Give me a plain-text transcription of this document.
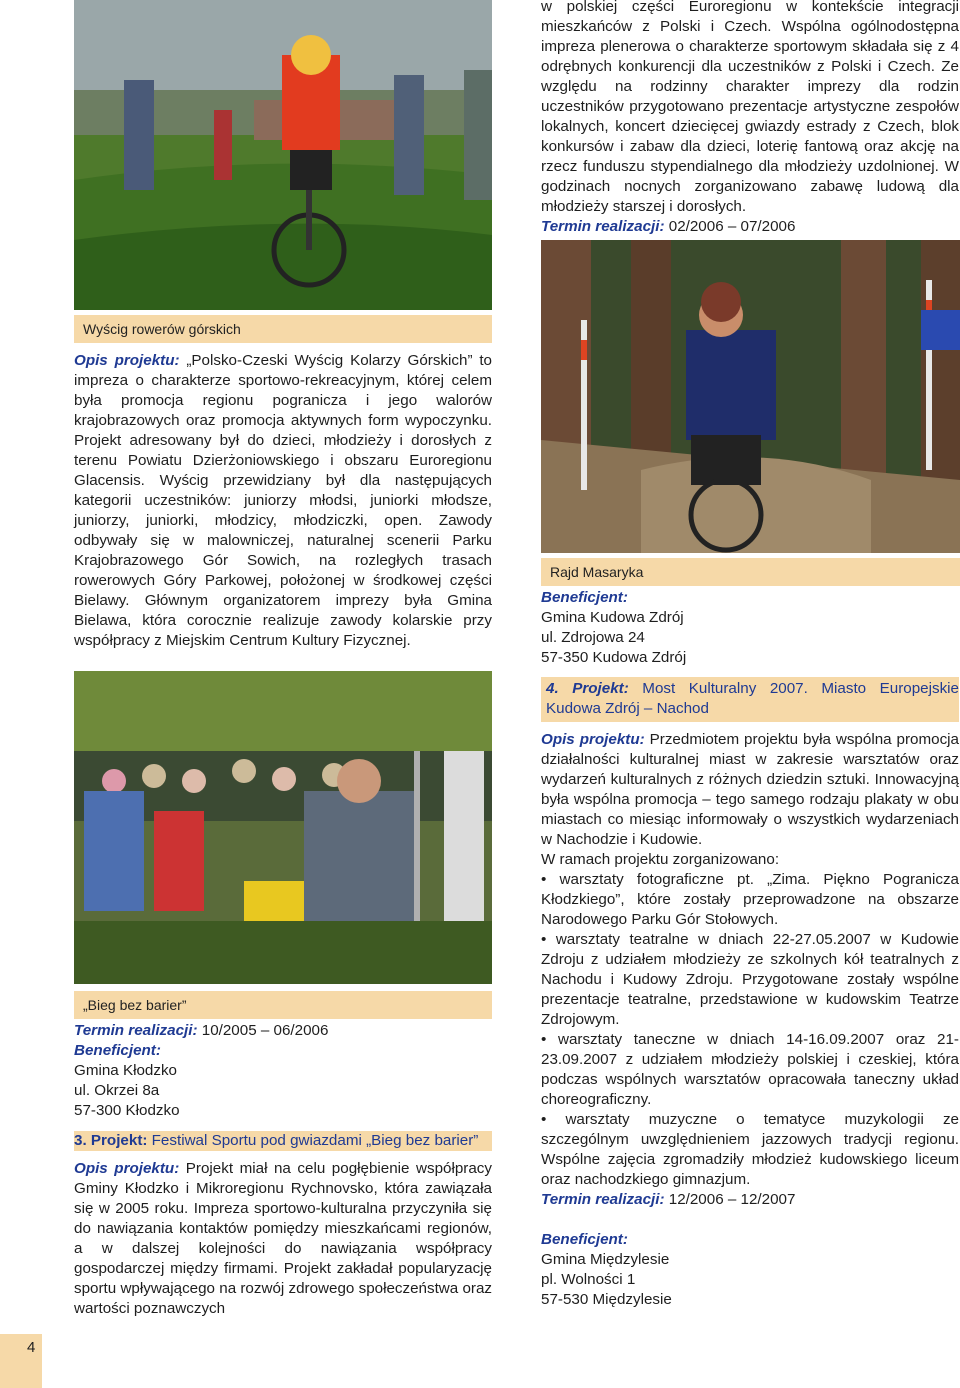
Wyścig rowerów górskich

Opis projektu: „Polsko-Czeski Wyścig Kolarzy Górskich” to impreza o charakterze sportowo-rekreacyjnym, której celem była promocja regionu pogranicza i jego walorów krajobrazowych oraz promocja aktywnych form wypoczynku. Projekt adresowany był do dzieci, młodzieży i dorosłych z terenu Powiatu Dzierżoniowskiego i obszaru Euroregionu Glacensis. Wyścig przewidziany był dla następujących kategorii uczestników: juniorzy młodsi, juniorki młodsze, juniorzy, juniorki, młodzicy, młodziczki, open. Zawody odbywały się w malowniczej, naturalnej scenerii Parku Krajobrazowego Gór Sowich, na rozległych trasach rowerowych Góry Parkowej, położonej w środkowej części Bielawy. Głównym organizatorem imprezy była Gmina Bielawa, która corocznie realizuje zawody kolarskie przy współpracy z Miejskim Centrum Kultury Fizycznej.

„Bieg bez barier”

Termin realizacji: 10/2005 – 06/2006

Beneficjent:

Gmina Kłodzko

ul. Okrzei 8a

57-300 Kłodzko

3. Projekt: Festiwal Sportu pod gwiazdami „Bieg bez barier”

Opis projektu: Projekt miał na celu pogłębienie współpracy Gminy Kłodzko i Mikroregionu Rychnovsko, która zawiązała się w 2005 roku. Impreza sportowo-kulturalna przyczyniła się do nawiązania kontaktów pomiędzy mieszkańcami regionów, a w dalszej kolejności do nawiązania współpracy gospodarczej między firmami. Projekt zakładał popularyzację sportu wpływającego na rozwój zdrowego społeczeństwa oraz wartości poznawczych

w polskiej części Euroregionu w kontekście integracji mieszkańców z Polski i Czech. Wspólna ogólnodostępna impreza plenerowa o charakterze sportowym składała się z 4 odrębnych konkurencji dla uczestników z Polski i Czech. Ze względu na rodzinny charakter imprezy dla rodzin uczestników przygotowano prezentacje artystyczne zespołów lokalnych, koncert dziecięcej gwiazdy estrady z Czech, blok konkursów i zabaw dla dzieci, loterię fantową oraz akcję na rzecz funduszu stypendialnego dla młodzieży uzdolnionej. W godzinach nocnych zorganizowano zabawę ludową dla młodzieży starszej i dorosłych.

Termin realizacji: 02/2006 – 07/2006

Rajd Masaryka

Beneficjent:

Gmina Kudowa Zdrój

ul. Zdrojowa 24

57-350 Kudowa Zdrój

4. Projekt: Most Kulturalny 2007. Miasto Europejskie Kudowa Zdrój – Nachod

Opis projektu: Przedmiotem projektu była wspólna promocja działalności kulturalnej miast w zakresie warsztatów oraz wydarzeń kulturalnych z różnych dziedzin sztuki. Innowacyjną była wspólna promocja – tego samego rodzaju plakaty w obu miastach co miesiąc informowały o wszystkich wydarzeniach w Nachodzie i Kudowie.

W ramach projektu zorganizowano:

• warsztaty fotograficzne pt. „Zima. Piękno Pogranicza Kłodzkiego”, które zostały przeprowadzone na obszarze Narodowego Parku Gór Stołowych.

• warsztaty teatralne w dniach 22-27.05.2007 w Kudowie Zdroju z udziałem młodzieży ze szkolnych kół teatralnych z Nachodu i Kudowy Zdroju. Przygotowane zostały wspólne prezentacje teatralne, przedstawione w kudowskim Teatrze Zdrojowym.

• warsztaty taneczne w dniach 14-16.09.2007 oraz 21-23.09.2007 z udziałem młodzieży polskiej i czeskiej, która podczas wspólnych warsztatów opracowała taneczny układ choreograficzny.

• warsztaty muzyczne o tematyce muzykologii ze szczególnym uwzględnieniem jazzowych tradycji regionu. Wspólne zajęcia zgromadziły młodzież kudowskiego liceum oraz nachodzkiego gimnazjum.

Termin realizacji: 12/2006 – 12/2007

Beneficjent:

Gmina Międzylesie

pl. Wolności 1

57-530 Międzylesie

4
